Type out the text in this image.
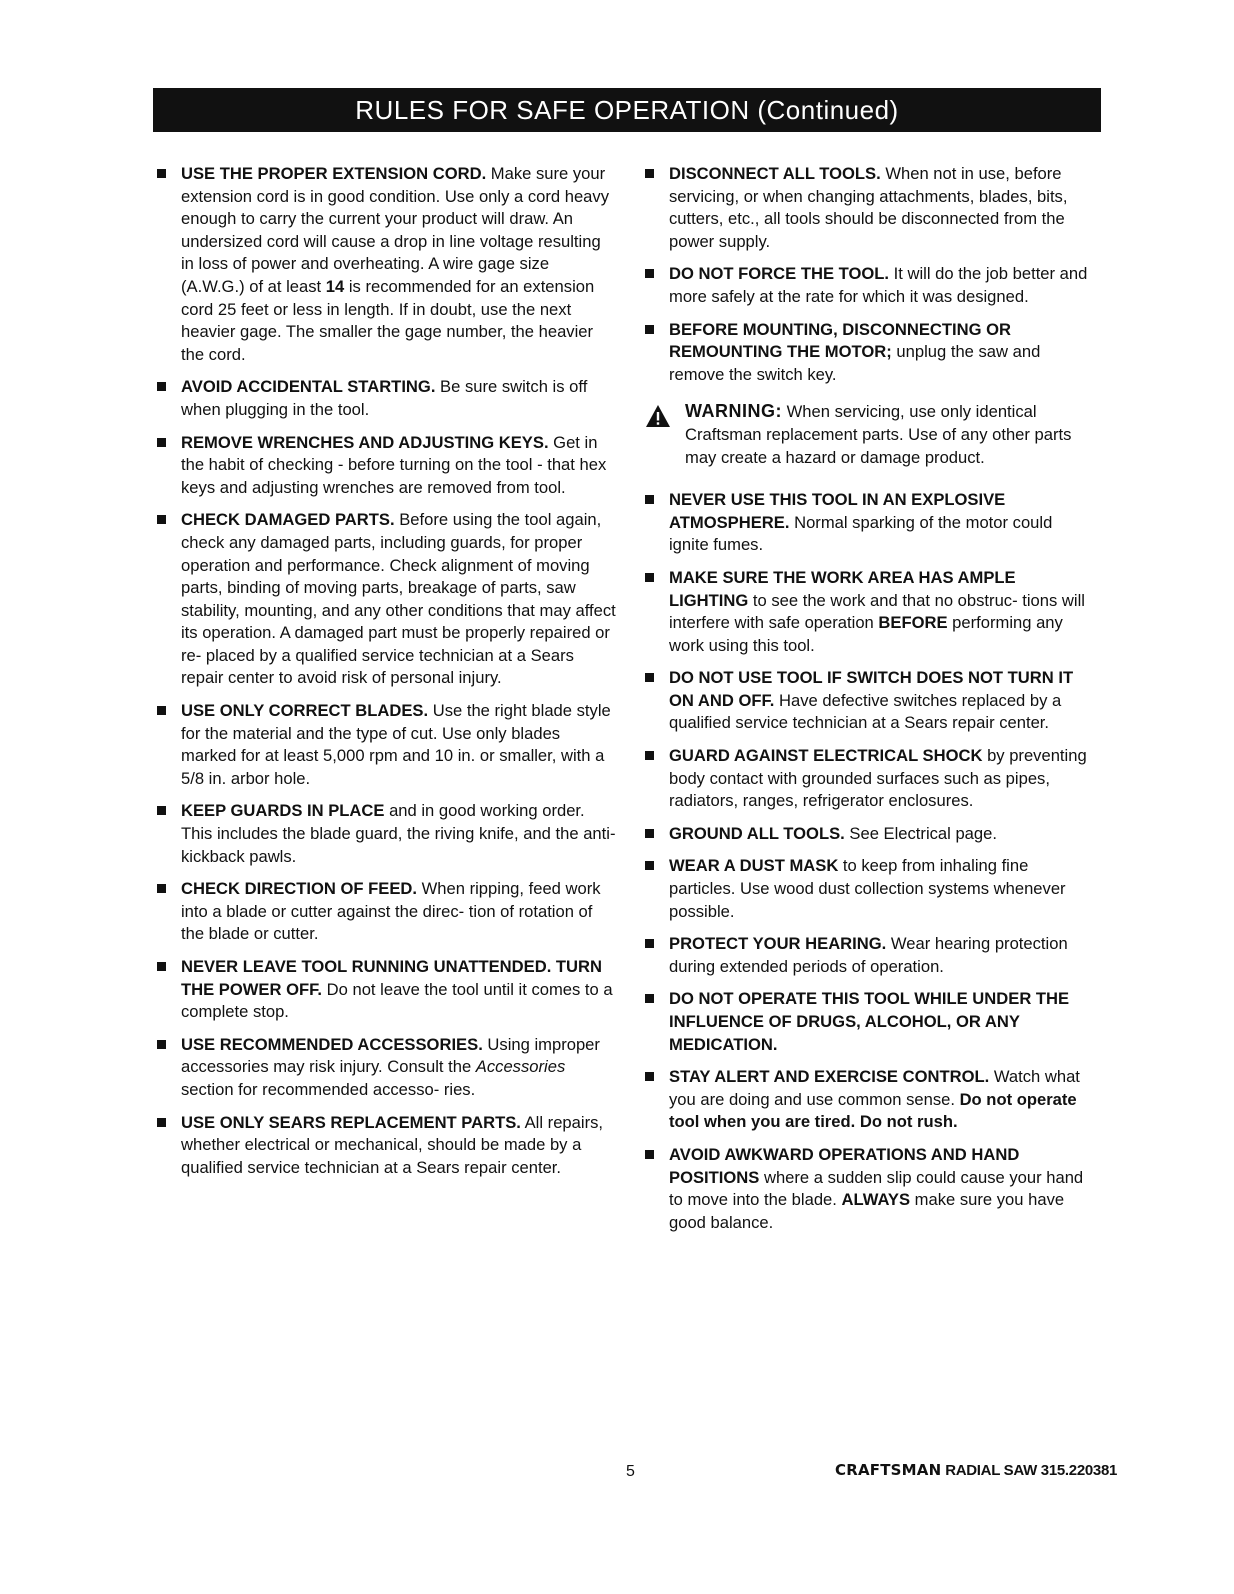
RULES FOR SAFE OPERATION (Continued)
USE THE PROPER EXTENSION CORD. Make sure your extension cord is in good condition. Use only a cord heavy enough to carry the current your product will draw. An undersized cord will cause a drop in line voltage resulting in loss of power and overheating. A wire gage size (A.W.G.) of at least 14 is recommended for an extension cord 25 feet or less in length. If in doubt, use the next heavier gage. The smaller the gage number, the heavier the cord.
AVOID ACCIDENTAL STARTING. Be sure switch is off when plugging in the tool.
REMOVE WRENCHES AND ADJUSTING KEYS. Get in the habit of checking - before turning on the tool - that hex keys and adjusting wrenches are removed from tool.
CHECK DAMAGED PARTS. Before using the tool again, check any damaged parts, including guards, for proper operation and performance. Check alignment of moving parts, binding of moving parts, breakage of parts, saw stability, mounting, and any other conditions that may affect its operation. A damaged part must be properly repaired or re- placed by a qualified service technician at a Sears repair center to avoid risk of personal injury.
USE ONLY CORRECT BLADES. Use the right blade style for the material and the type of cut. Use only blades marked for at least 5,000 rpm and 10 in. or smaller, with a 5/8 in. arbor hole.
KEEP GUARDS IN PLACE and in good working order. This includes the blade guard, the riving knife, and the anti-kickback pawls.
CHECK DIRECTION OF FEED. When ripping, feed work into a blade or cutter against the direc- tion of rotation of the blade or cutter.
NEVER LEAVE TOOL RUNNING UNATTENDED. TURN THE POWER OFF. Do not leave the tool until it comes to a complete stop.
USE RECOMMENDED ACCESSORIES. Using improper accessories may risk injury. Consult the Accessories section for recommended accesso- ries.
USE ONLY SEARS REPLACEMENT PARTS. All repairs, whether electrical or mechanical, should be made by a qualified service technician at a Sears repair center.
DISCONNECT ALL TOOLS. When not in use, before servicing, or when changing attachments, blades, bits, cutters, etc., all tools should be disconnected from the power supply.
DO NOT FORCE THE TOOL. It will do the job better and more safely at the rate for which it was designed.
BEFORE MOUNTING, DISCONNECTING OR REMOUNTING THE MOTOR; unplug the saw and remove the switch key.
WARNING: When servicing, use only identical Craftsman replacement parts. Use of any other parts may create a hazard or damage product.
NEVER USE THIS TOOL IN AN EXPLOSIVE ATMOSPHERE. Normal sparking of the motor could ignite fumes.
MAKE SURE THE WORK AREA HAS AMPLE LIGHTING to see the work and that no obstruc- tions will interfere with safe operation BEFORE performing any work using this tool.
DO NOT USE TOOL IF SWITCH DOES NOT TURN IT ON AND OFF. Have defective switches replaced by a qualified service technician at a Sears repair center.
GUARD AGAINST ELECTRICAL SHOCK by preventing body contact with grounded surfaces such as pipes, radiators, ranges, refrigerator enclosures.
GROUND ALL TOOLS. See Electrical page.
WEAR A DUST MASK to keep from inhaling fine particles. Use wood dust collection systems whenever possible.
PROTECT YOUR HEARING. Wear hearing protection during extended periods of operation.
DO NOT OPERATE THIS TOOL WHILE UNDER THE INFLUENCE OF DRUGS, ALCOHOL, OR ANY MEDICATION.
STAY ALERT AND EXERCISE CONTROL. Watch what you are doing and use common sense. Do not operate tool when you are tired. Do not rush.
AVOID AWKWARD OPERATIONS AND HAND POSITIONS where a sudden slip could cause your hand to move into the blade. ALWAYS make sure you have good balance.
5	CRAFTSMAN RADIAL SAW 315.220381
